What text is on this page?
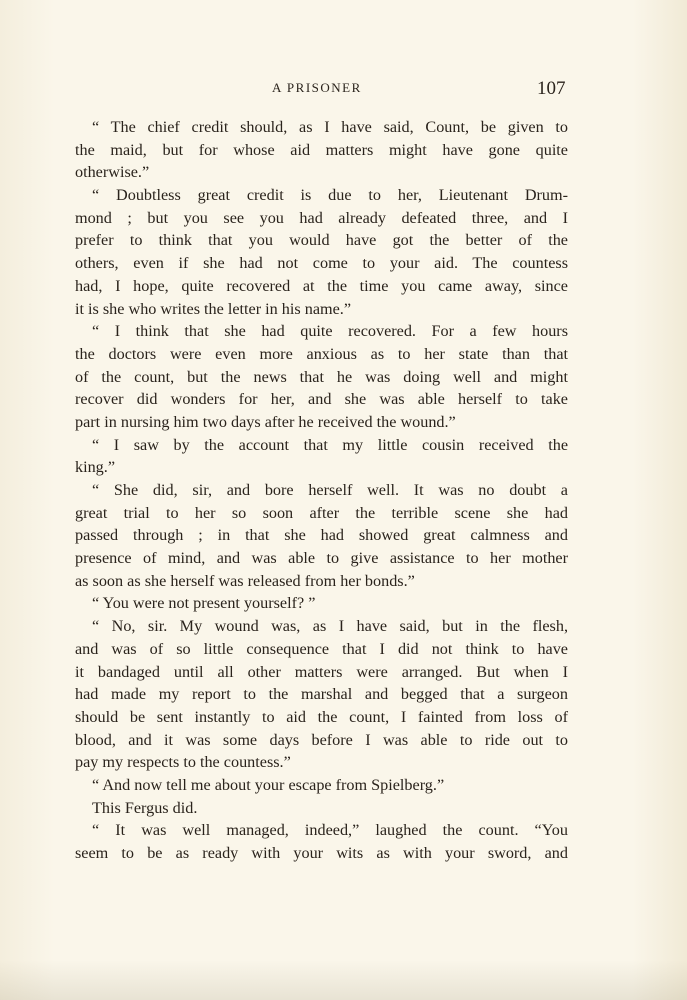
A PRISONER	107
“ The chief credit should, as I have said, Count, be given to
the maid, but for whose aid matters might have gone quite
otherwise.”
“ Doubtless great credit is due to her, Lieutenant Drum-
mond ; but you see you had already defeated three, and I
prefer to think that you would have got the better of the
others, even if she had not come to your aid. The countess
had, I hope, quite recovered at the time you came away, since
it is she who writes the letter in his name.”
“ I think that she had quite recovered. For a few hours
the doctors were even more anxious as to her state than that
of the count, but the news that he was doing well and might
recover did wonders for her, and she was able herself to take
part in nursing him two days after he received the wound.”
“ I saw by the account that my little cousin received the
king.”
“ She did, sir, and bore herself well. It was no doubt a
great trial to her so soon after the terrible scene she had
passed through ; in that she had showed great calmness and
presence of mind, and was able to give assistance to her mother
as soon as she herself was released from her bonds.”
“ You were not present yourself? ”
“ No, sir. My wound was, as I have said, but in the flesh,
and was of so little consequence that I did not think to have
it bandaged until all other matters were arranged. But when I
had made my report to the marshal and begged that a surgeon
should be sent instantly to aid the count, I fainted from loss of
blood, and it was some days before I was able to ride out to
pay my respects to the countess.”
“ And now tell me about your escape from Spielberg.”
This Fergus did.
“ It was well managed, indeed,” laughed the count. “You
seem to be as ready with your wits as with your sword, and
